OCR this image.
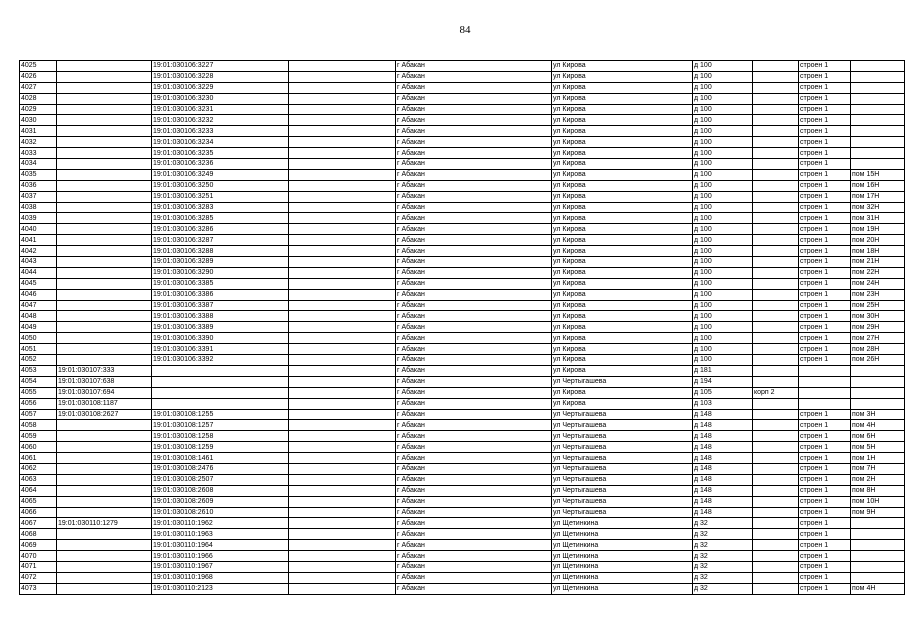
84
4025		19:01:030106:3227		г Абакан	ул Кирова	д 100		строен 1	
4026		19:01:030106:3228		г Абакан	ул Кирова	д 100		строен 1	
4027		19:01:030106:3229		г Абакан	ул Кирова	д 100		строен 1	
4028		19:01:030106:3230		г Абакан	ул Кирова	д 100		строен 1	
4029		19:01:030106:3231		г Абакан	ул Кирова	д 100		строен 1	
4030		19:01:030106:3232		г Абакан	ул Кирова	д 100		строен 1	
4031		19:01:030106:3233		г Абакан	ул Кирова	д 100		строен 1	
4032		19:01:030106:3234		г Абакан	ул Кирова	д 100		строен 1	
4033		19:01:030106:3235		г Абакан	ул Кирова	д 100		строен 1	
4034		19:01:030106:3236		г Абакан	ул Кирова	д 100		строен 1	
4035		19:01:030106:3249		г Абакан	ул Кирова	д 100		строен 1	пом 15Н
4036		19:01:030106:3250		г Абакан	ул Кирова	д 100		строен 1	пом 16Н
4037		19:01:030106:3251		г Абакан	ул Кирова	д 100		строен 1	пом 17Н
4038		19:01:030106:3283		г Абакан	ул Кирова	д 100		строен 1	пом 32Н
4039		19:01:030106:3285		г Абакан	ул Кирова	д 100		строен 1	пом 31Н
4040		19:01:030106:3286		г Абакан	ул Кирова	д 100		строен 1	пом 19Н
4041		19:01:030106:3287		г Абакан	ул Кирова	д 100		строен 1	пом 20Н
4042		19:01:030106:3288		г Абакан	ул Кирова	д 100		строен 1	пом 18Н
4043		19:01:030106:3289		г Абакан	ул Кирова	д 100		строен 1	пом 21Н
4044		19:01:030106:3290		г Абакан	ул Кирова	д 100		строен 1	пом 22Н
4045		19:01:030106:3385		г Абакан	ул Кирова	д 100		строен 1	пом 24Н
4046		19:01:030106:3386		г Абакан	ул Кирова	д 100		строен 1	пом 23Н
4047		19:01:030106:3387		г Абакан	ул Кирова	д 100		строен 1	пом 25Н
4048		19:01:030106:3388		г Абакан	ул Кирова	д 100		строен 1	пом 30Н
4049		19:01:030106:3389		г Абакан	ул Кирова	д 100		строен 1	пом 29Н
4050		19:01:030106:3390		г Абакан	ул Кирова	д 100		строен 1	пом 27Н
4051		19:01:030106:3391		г Абакан	ул Кирова	д 100		строен 1	пом 28Н
4052		19:01:030106:3392		г Абакан	ул Кирова	д 100		строен 1	пом 26Н
4053	19:01:030107:333			г Абакан	ул Кирова	д 181			
4054	19:01:030107:638			г Абакан	ул Чертыгашева	д 194			
4055	19:01:030107:694			г Абакан	ул Кирова	д 105	корп 2		
4056	19:01:030108:1187			г Абакан	ул Кирова	д 103			
4057	19:01:030108:2627	19:01:030108:1255		г Абакан	ул Чертыгашева	д 148		строен 1	пом 3Н
4058		19:01:030108:1257		г Абакан	ул Чертыгашева	д 148		строен 1	пом 4Н
4059		19:01:030108:1258		г Абакан	ул Чертыгашева	д 148		строен 1	пом 6Н
4060		19:01:030108:1259		г Абакан	ул Чертыгашева	д 148		строен 1	пом 5Н
4061		19:01:030108:1461		г Абакан	ул Чертыгашева	д 148		строен 1	пом 1Н
4062		19:01:030108:2476		г Абакан	ул Чертыгашева	д 148		строен 1	пом 7Н
4063		19:01:030108:2507		г Абакан	ул Чертыгашева	д 148		строен 1	пом 2Н
4064		19:01:030108:2608		г Абакан	ул Чертыгашева	д 148		строен 1	пом 8Н
4065		19:01:030108:2609		г Абакан	ул Чертыгашева	д 148		строен 1	пом 10Н
4066		19:01:030108:2610		г Абакан	ул Чертыгашева	д 148		строен 1	пом 9Н
4067	19:01:030110:1279	19:01:030110:1962		г Абакан	ул Щетинкина	д 32		строен 1	
4068		19:01:030110:1963		г Абакан	ул Щетинкина	д 32		строен 1	
4069		19:01:030110:1964		г Абакан	ул Щетинкина	д 32		строен 1	
4070		19:01:030110:1966		г Абакан	ул Щетинкина	д 32		строен 1	
4071		19:01:030110:1967		г Абакан	ул Щетинкина	д 32		строен 1	
4072		19:01:030110:1968		г Абакан	ул Щетинкина	д 32		строен 1	
4073		19:01:030110:2123		г Абакан	ул Щетинкина	д 32		строен 1	пом 4Н
